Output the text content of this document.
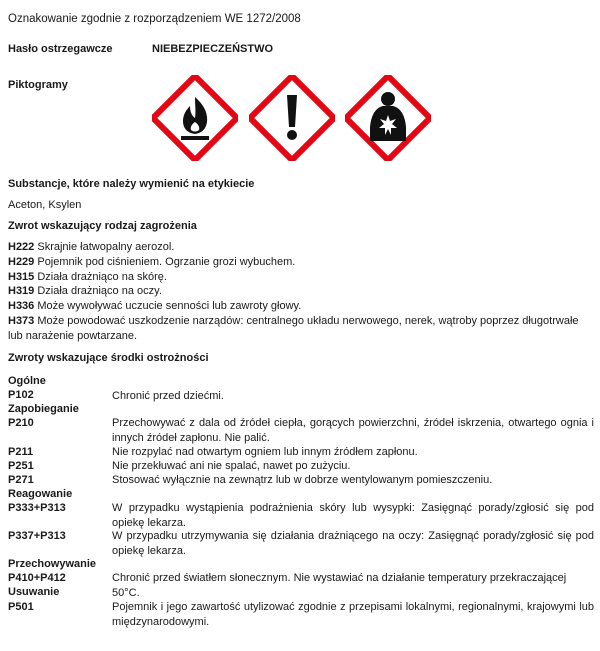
Oznakowanie zgodnie z rozporządzeniem WE 1272/2008
Hasło ostrzegawcze	NIEBEZPIECZEŃSTWO
Piktogramy
Substancje, które należy wymienić na etykiecie
Aceton, Ksylen
Zwrot wskazujący rodzaj zagrożenia
H222 Skrajnie łatwopalny aerozol.
H229 Pojemnik pod ciśnieniem. Ogrzanie grozi wybuchem.
H315 Działa drażniąco na skórę.
H319 Działa drażniąco na oczy.
H336 Może wywoływać uczucie senności lub zawroty głowy.
H373 Może powodować uszkodzenie narządów: centralnego układu nerwowego, nerek, wątroby poprzez długotrwałe lub narażenie powtarzane.
Zwroty wskazujące środki ostrożności
Ogólne
P102	Chronić przed dziećmi.
Zapobieganie
P210	Przechowywać z dala od źródeł ciepła, gorących powierzchni, źródeł iskrzenia, otwartego ognia i innych źródeł zapłonu. Nie palić.
P211	Nie rozpylać nad otwartym ogniem lub innym źródłem zapłonu.
P251	Nie przekłuwać ani nie spalać, nawet po zużyciu.
P271	Stosować wyłącznie na zewnątrz lub w dobrze wentylowanym pomieszczeniu.
Reagowanie
P333+P313	W przypadku wystąpienia podrażnienia skóry lub wysypki: Zasięgnąć porady/zgłosić się pod opiekę lekarza.
P337+P313	W przypadku utrzymywania się działania drażniącego na oczy: Zasięgnąć porady/zgłosić się pod opiekę lekarza.
Przechowywanie
P410+P412	Chronić przed światłem słonecznym. Nie wystawiać na działanie temperatury przekraczającej 50°C.
Usuwanie
P501	Pojemnik i jego zawartość utylizować zgodnie z przepisami lokalnymi, regionalnymi, krajowymi lub międzynarodowymi.
